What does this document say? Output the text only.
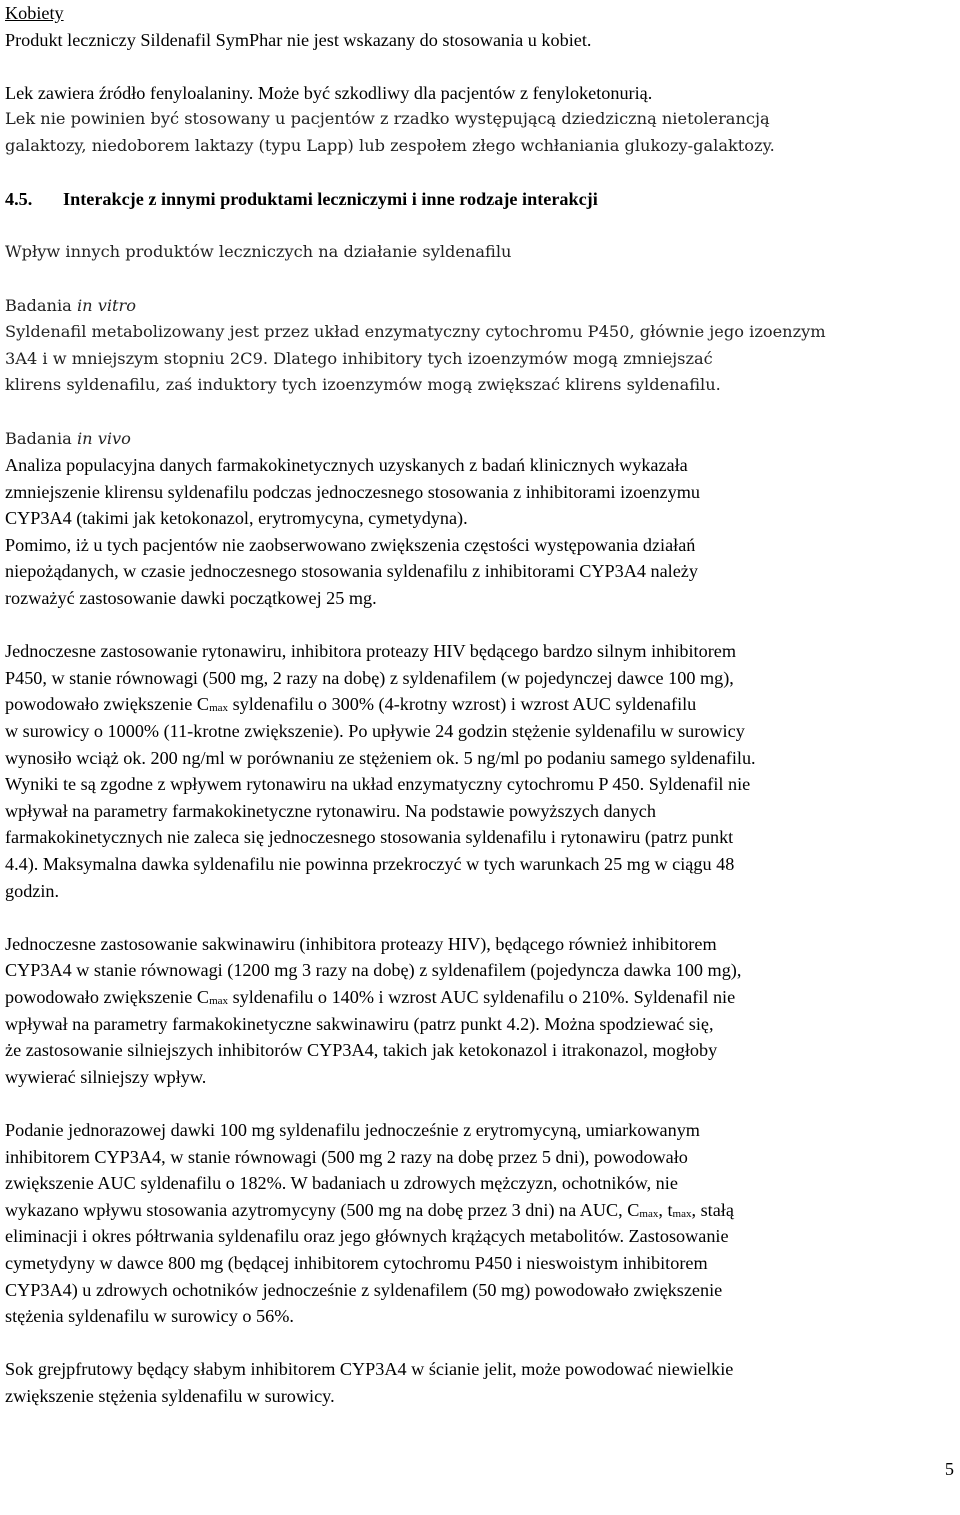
Kobiety

Produkt leczniczy Sildenafil SymPhar nie jest wskazany do stosowania u kobiet.

Lek zawiera źródło fenyloalaniny. Może być szkodliwy dla pacjentów z fenyloketonurią.

Lek nie powinien być stosowany u pacjentów z rzadko występującą dziedziczną nietolerancją

galaktozy, niedoborem laktazy (typu Lapp) lub zespołem złego wchłaniania glukozy-galaktozy.

4.5. Interakcje z innymi produktami leczniczymi i inne rodzaje interakcji

Wpływ innych produktów leczniczych na działanie syldenafilu

Badania in vitro

Syldenafil metabolizowany jest przez układ enzymatyczny cytochromu P450, głównie jego izoenzym

3A4 i w mniejszym stopniu 2C9. Dlatego inhibitory tych izoenzymów mogą zmniejszać

klirens syldenafilu, zaś induktory tych izoenzymów mogą zwiększać klirens syldenafilu.

Badania in vivo

Analiza populacyjna danych farmakokinetycznych uzyskanych z badań klinicznych wykazała

zmniejszenie klirensu syldenafilu podczas jednoczesnego stosowania z inhibitorami izoenzymu

CYP3A4 (takimi jak ketokonazol, erytromycyna, cymetydyna).

Pomimo, iż u tych pacjentów nie zaobserwowano zwiększenia częstości występowania działań

niepożądanych, w czasie jednoczesnego stosowania syldenafilu z inhibitorami CYP3A4 należy

rozważyć zastosowanie dawki początkowej 25 mg.

Jednoczesne zastosowanie rytonawiru, inhibitora proteazy HIV będącego bardzo silnym inhibitorem

P450, w stanie równowagi (500 mg, 2 razy na dobę) z syldenafilem (w pojedynczej dawce 100 mg),

powodowało zwiększenie $C_{max}$ syldenafilu o 300% (4-krotny wzrost) i wzrost AUC syldenafilu

w surowicy o 1000% (11-krotne zwiększenie). Po upływie 24 godzin stężenie syldenafilu w surowicy

wynosiło wciąż ok. 200 ng/ml w porównaniu ze stężeniem ok. 5 ng/ml po podaniu samego syldenafilu.

Wyniki te są zgodne z wpływem rytonawiru na układ enzymatyczny cytochromu P 450. Syldenafil nie

wpływał na parametry farmakokinetyczne rytonawiru. Na podstawie powyższych danych

farmakokinetycznych nie zaleca się jednoczesnego stosowania syldenafilu i rytonawiru (patrz punkt

4.4). Maksymalna dawka syldenafilu nie powinna przekroczyć w tych warunkach 25 mg w ciągu 48

godzin.

Jednoczesne zastosowanie sakwinawiru (inhibitora proteazy HIV), będącego również inhibitorem

CYP3A4 w stanie równowagi (1200 mg 3 razy na dobę) z syldenafilem (pojedyncza dawka 100 mg),

powodowało zwiększenie $C_{max}$ syldenafilu o 140% i wzrost AUC syldenafilu o 210%. Syldenafil nie

wpływał na parametry farmakokinetyczne sakwinawiru (patrz punkt 4.2). Można spodziewać się,

że zastosowanie silniejszych inhibitorów CYP3A4, takich jak ketokonazol i itrakonazol, mogłoby

wywierać silniejszy wpływ.

Podanie jednorazowej dawki 100 mg syldenafilu jednocześnie z erytromycyną, umiarkowanym

inhibitorem CYP3A4, w stanie równowagi (500 mg 2 razy na dobę przez 5 dni), powodowało

zwiększenie AUC syldenafilu o 182%. W badaniach u zdrowych mężczyzn, ochotników, nie

wykazano wpływu stosowania azytromycyny (500 mg na dobę przez 3 dni) na AUC, $C_{max}$, $t_{max}$, stałą

eliminacji i okres półtrwania syldenafilu oraz jego głównych krążących metabolitów. Zastosowanie

cymetydyny w dawce 800 mg (będącej inhibitorem cytochromu P450 i nieswoistym inhibitorem

CYP3A4) u zdrowych ochotników jednocześnie z syldenafilem (50 mg) powodowało zwiększenie

stężenia syldenafilu w surowicy o 56%.

Sok grejpfrutowy będący słabym inhibitorem CYP3A4 w ścianie jelit, może powodować niewielkie

zwiększenie stężenia syldenafilu w surowicy.

5
